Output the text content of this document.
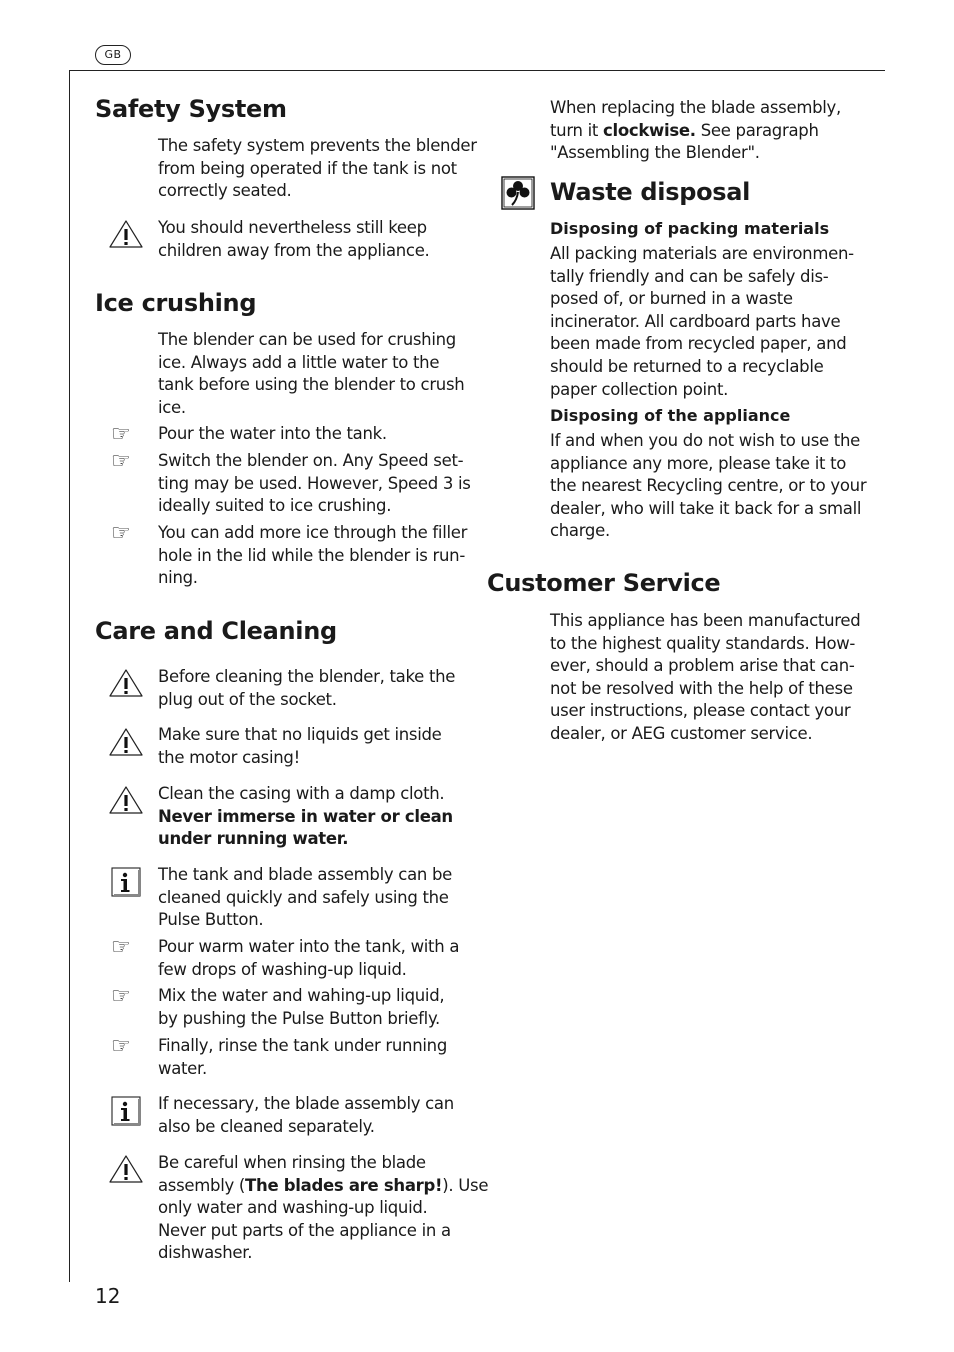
GB
Safety System

The safety system prevents the blender
from being operated if the tank is not
correctly seated.

You should nevertheless still keep
children away from the appliance.

Ice crushing

The blender can be used for crushing
ice. Always add a little water to the
tank before using the blender to crush
ice.

☞ Pour the water into the tank.

☞ Switch the blender on. Any Speed set-
ting may be used. However, Speed 3 is
ideally suited to ice crushing.

☞ You can add more ice through the filler
hole in the lid while the blender is run-
ning.

Care and Cleaning

Before cleaning the blender, take the
plug out of the socket.

Make sure that no liquids get inside
the motor casing!

Clean the casing with a damp cloth.
Never immerse in water or clean
under running water.

The tank and blade assembly can be
cleaned quickly and safely using the
Pulse Button.

☞ Pour warm water into the tank, with a
few drops of washing-up liquid.

☞ Mix the water and wahing-up liquid,
by pushing the Pulse Button briefly.

☞ Finally, rinse the tank under running
water.

If necessary, the blade assembly can
also be cleaned separately.

Be careful when rinsing the blade
assembly (The blades are sharp!). Use
only water and washing-up liquid.
Never put parts of the appliance in a
dishwasher.

12

When replacing the blade assembly,
turn it clockwise. See paragraph
"Assembling the Blender".

Waste disposal
Disposing of packing materials

All packing materials are environmen-
tally friendly and can be safely dis-
posed of, or burned in a waste
incinerator. All cardboard parts have
been made from recycled paper, and
should be returned to a recyclable
paper collection point.

Disposing of the appliance

If and when you do not wish to use the
appliance any more, please take it to
the nearest Recycling centre, or to your
dealer, who will take it back for a small
charge.

Customer Service

This appliance has been manufactured
to the highest quality standards. How-
ever, should a problem arise that can-
not be resolved with the help of these
user instructions, please contact your
dealer, or AEG customer service.
